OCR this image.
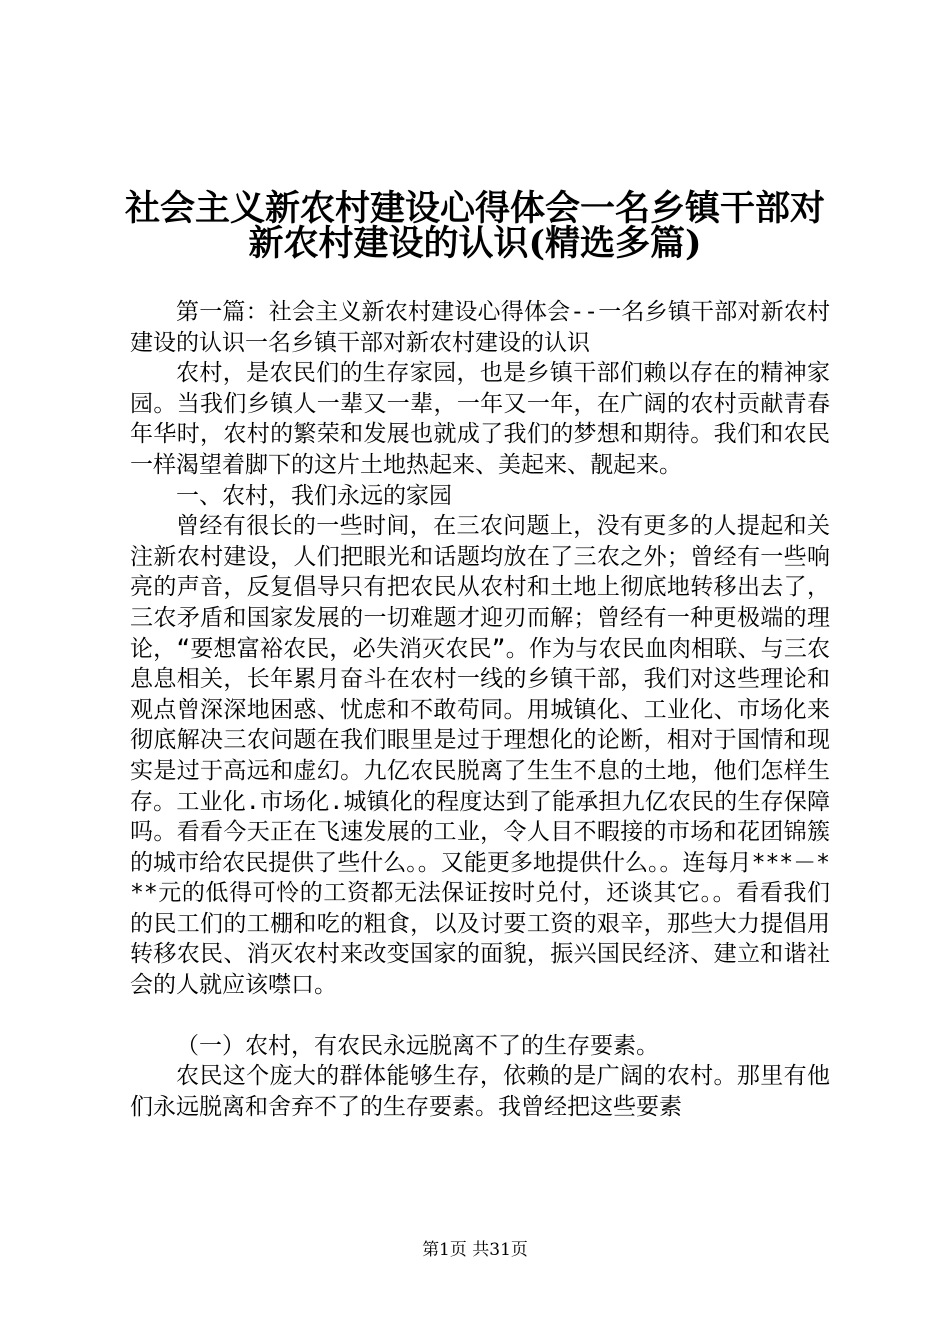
社会主义新农村建设心得体会一名乡镇干部对
新农村建设的认识(精选多篇)

第一篇：社会主义新农村建设心得体会--一名乡镇干部对新农村建设的认识一名乡镇干部对新农村建设的认识

农村，是农民们的生存家园，也是乡镇干部们赖以存在的精神家园。当我们乡镇人一辈又一辈，一年又一年，在广阔的农村贡献青春年华时，农村的繁荣和发展也就成了我们的梦想和期待。我们和农民一样渴望着脚下的这片土地热起来、美起来、靓起来。

一、农村，我们永远的家园

曾经有很长的一些时间，在三农问题上，没有更多的人提起和关注新农村建设，人们把眼光和话题均放在了三农之外；曾经有一些响亮的声音，反复倡导只有把农民从农村和土地上彻底地转移出去了，三农矛盾和国家发展的一切难题才迎刃而解；曾经有一种更极端的理论，“要想富裕农民，必失消灭农民”。作为与农民血肉相联、与三农息息相关，长年累月奋斗在农村一线的乡镇干部，我们对这些理论和观点曾深深地困惑、忧虑和不敢苟同。用城镇化、工业化、市场化来彻底解决三农问题在我们眼里是过于理想化的论断，相对于国情和现实是过于高远和虚幻。九亿农民脱离了生生不息的土地，他们怎样生存。工业化.市场化.城镇化的程度达到了能承担九亿农民的生存保障吗。看看今天正在飞速发展的工业，令人目不暇接的市场和花团锦簇的城市给农民提供了些什么。。又能更多地提供什么。。连每月***－***元的低得可怜的工资都无法保证按时兑付，还谈其它。。看看我们的民工们的工棚和吃的粗食，以及讨要工资的艰辛，那些大力提倡用转移农民、消灭农村来改变国家的面貌，振兴国民经济、建立和谐社会的人就应该噤口。

（一）农村，有农民永远脱离不了的生存要素。

农民这个庞大的群体能够生存，依赖的是广阔的农村。那里有他们永远脱离和舍弃不了的生存要素。我曾经把这些要素

第1页 共31页
